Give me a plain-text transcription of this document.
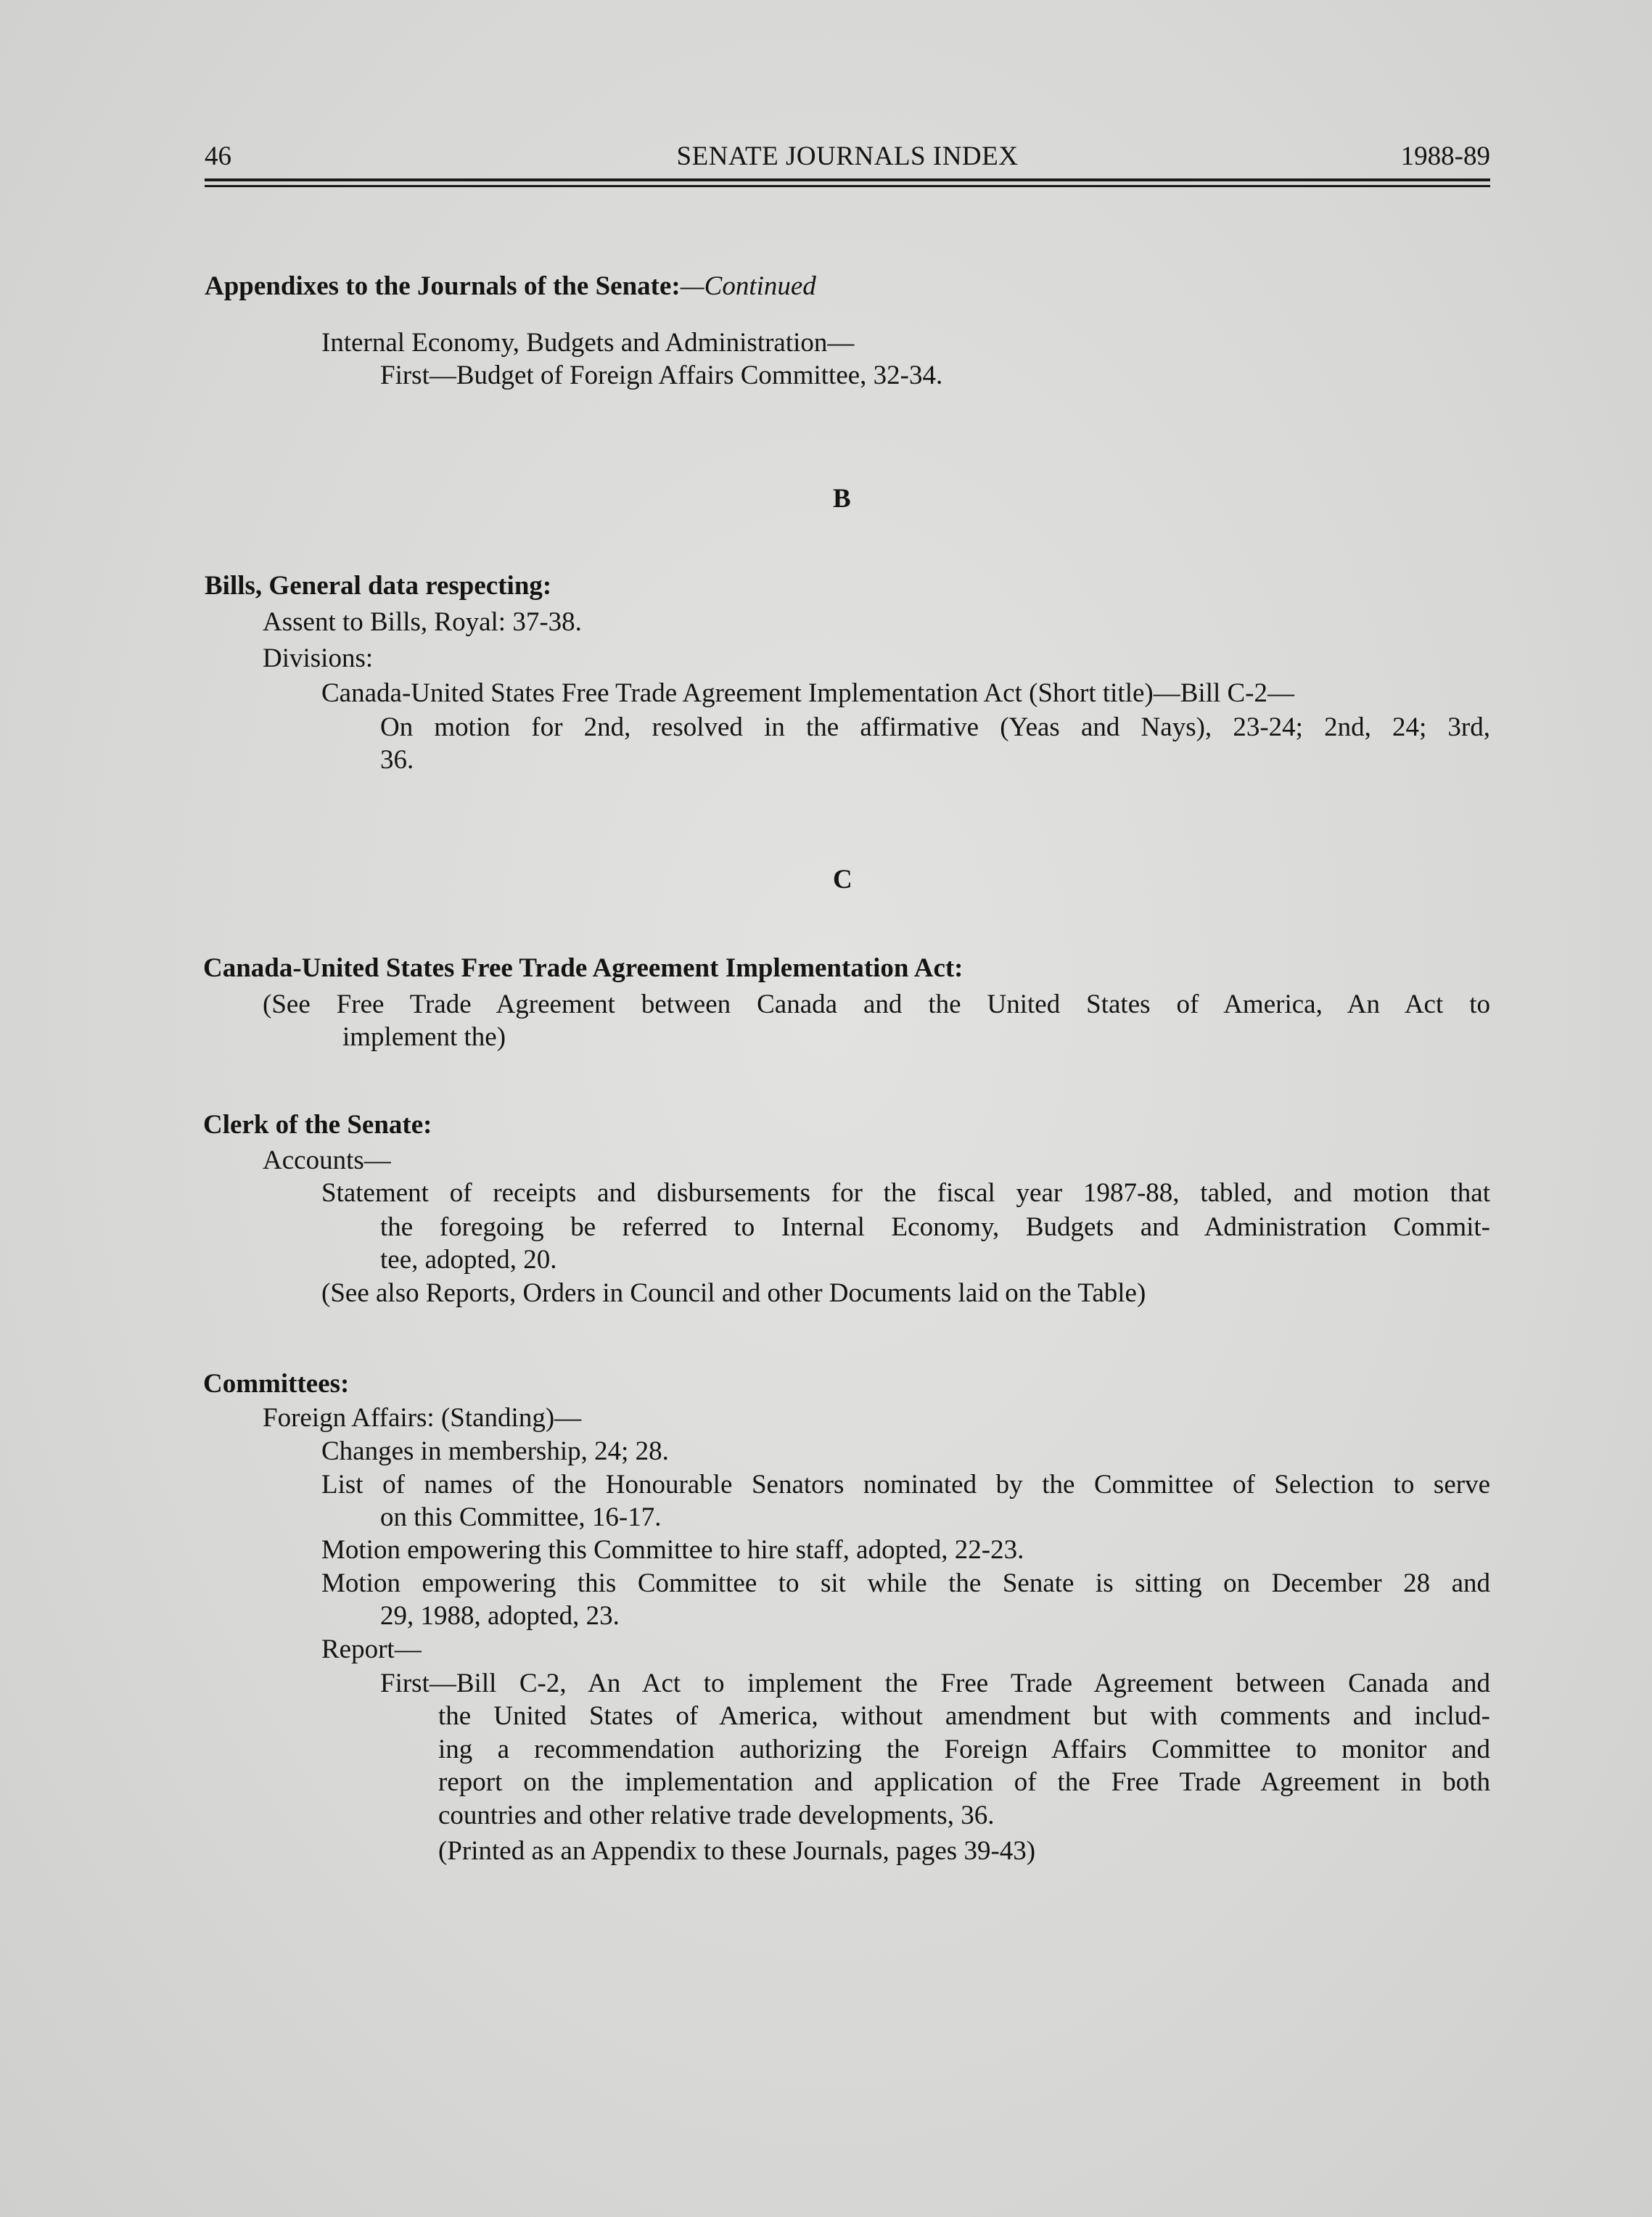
46	SENATE JOURNALS INDEX	1988-89
Appendixes to the Journals of the Senate:—Continued
Internal Economy, Budgets and Administration—
First—Budget of Foreign Affairs Committee, 32-34.
B
Bills, General data respecting:
Assent to Bills, Royal: 37-38.
Divisions:
Canada-United States Free Trade Agreement Implementation Act (Short title)—Bill C-2—
On motion for 2nd, resolved in the affirmative (Yeas and Nays), 23-24; 2nd, 24; 3rd,
36.
C
Canada-United States Free Trade Agreement Implementation Act:
(See Free Trade Agreement between Canada and the United States of America, An Act to
implement the)
Clerk of the Senate:
Accounts—
Statement of receipts and disbursements for the fiscal year 1987-88, tabled, and motion that
the foregoing be referred to Internal Economy, Budgets and Administration Commit-
tee, adopted, 20.
(See also Reports, Orders in Council and other Documents laid on the Table)
Committees:
Foreign Affairs: (Standing)—
Changes in membership, 24; 28.
List of names of the Honourable Senators nominated by the Committee of Selection to serve
on this Committee, 16-17.
Motion empowering this Committee to hire staff, adopted, 22-23.
Motion empowering this Committee to sit while the Senate is sitting on December 28 and
29, 1988, adopted, 23.
Report—
First—Bill C-2, An Act to implement the Free Trade Agreement between Canada and
the United States of America, without amendment but with comments and includ-
ing a recommendation authorizing the Foreign Affairs Committee to monitor and
report on the implementation and application of the Free Trade Agreement in both
countries and other relative trade developments, 36.
(Printed as an Appendix to these Journals, pages 39-43)
